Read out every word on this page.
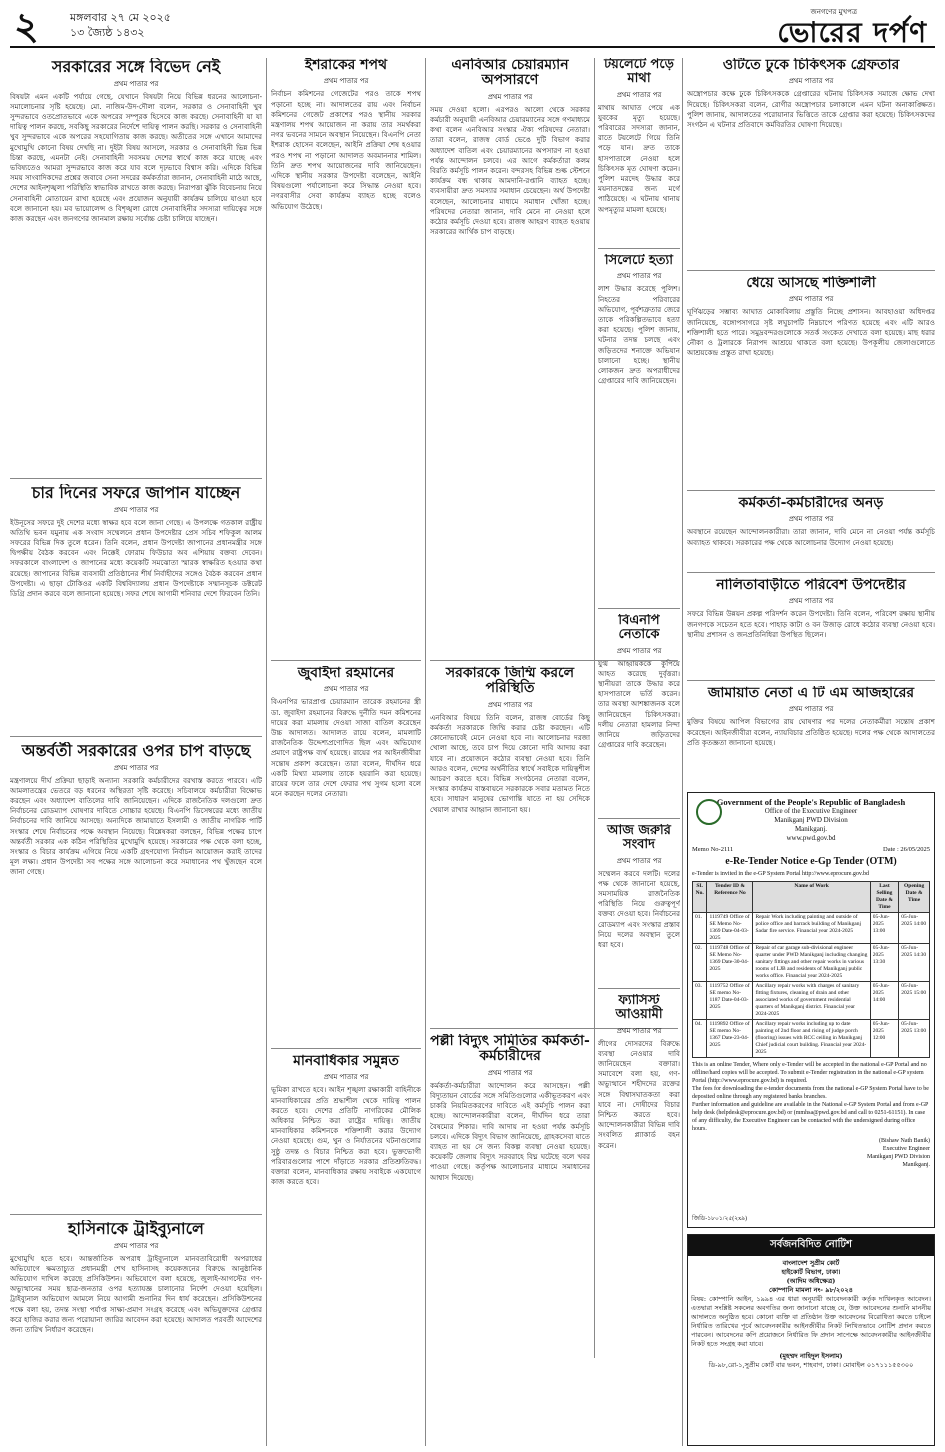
২	মঙ্গলবার ২৭ মে ২০২৫
১৩ জ্যৈষ্ঠ ১৪৩২
জনগণের মুখপত্র
ভোরের দর্পণ
সরকারের সঙ্গে বিভেদ নেই
প্রথম পাতার পর
বিষয়টা এমন একটি পর্যায়ে গেছে, যেখানে বিষয়টা নিয়ে বিভিন্ন ধরনের আলোচনা-সমালোচনার সৃষ্টি হয়েছে। মো. নাজিম-উদ-দৌলা বলেন, সরকার ও সেনাবাহিনী খুব সুন্দরভাবে ওতপ্রোতভাবে একে অপরের সম্পূরক হিসেবে কাজ করছে। সেনাবাহিনী যা যা দায়িত্ব পালন করছে, সবকিছু সরকারের নির্দেশে দায়িত্ব পালন করছি। সরকার ও সেনাবাহিনী খুব সুন্দরভাবে একে অপরের সহযোগিতায় কাজ করছে। অতীতের সঙ্গে এখানে আমাদের মুখোমুখি কোনো বিষয় দেখছি না। দুইটা বিষয় আসলে, সরকার ও সেনাবাহিনী ভিন্ন ভিন্ন চিন্তা করছে, এমনটা নেই। সেনাবাহিনী সবসময় দেশের স্বার্থে কাজ করে যাচ্ছে এবং ভবিষ্যতেও আমরা সুন্দরভাবে কাজ করে যাব বলে দৃঢ়ভাবে বিশ্বাস করি। এদিকে বিভিন্ন সময় সাংবাদিকদের প্রশ্নের জবাবে সেনা সদরের কর্মকর্তারা জানান, সেনাবাহিনী মাঠে আছে, দেশের আইনশৃঙ্খলা পরিস্থিতি স্বাভাবিক রাখতে কাজ করছে। নিরাপত্তা ঝুঁকি বিবেচনায় নিয়ে সেনাবাহিনী মোতায়েন রাখা হয়েছে এবং প্রয়োজন অনুযায়ী কার্যক্রম চালিয়ে যাওয়া হবে বলে জানানো হয়। মব ভায়োলেন্স ও বিশৃঙ্খলা রোধে সেনাবাহিনীর সদস্যরা দায়িত্বের সঙ্গে কাজ করছেন এবং জনগণের জানমাল রক্ষায় সর্বোচ্চ চেষ্টা চালিয়ে যাচ্ছেন।
চার দিনের সফরে জাপান যাচ্ছেন
প্রথম পাতার পর
ইউনূসের সফরে দুই দেশের মধ্যে স্বাক্ষর হবে বলে জানা গেছে। এ উপলক্ষে গতকাল রাষ্ট্রীয় অতিথি ভবন যমুনায় এক সংবাদ সম্মেলনে প্রধান উপদেষ্টার প্রেস সচিব শফিকুল আলম সফরের বিভিন্ন দিক তুলে ধরেন। তিনি বলেন, প্রধান উপদেষ্টা জাপানের প্রধানমন্ত্রীর সঙ্গে দ্বিপক্ষীয় বৈঠক করবেন এবং নিক্কেই ফোরাম ফিউচার অব এশিয়ায় বক্তব্য দেবেন। সফরকালে বাংলাদেশ ও জাপানের মধ্যে কয়েকটি সমঝোতা স্মারক স্বাক্ষরিত হওয়ার কথা রয়েছে। জাপানের বিভিন্ন ব্যবসায়ী প্রতিষ্ঠানের শীর্ষ নির্বাহীদের সঙ্গেও বৈঠক করবেন প্রধান উপদেষ্টা। এ ছাড়া টোকিওর একটি বিশ্ববিদ্যালয় প্রধান উপদেষ্টাকে সম্মানসূচক ডক্টরেট ডিগ্রি প্রদান করবে বলে জানানো হয়েছে। সফর শেষে আগামী শনিবার দেশে ফিরবেন তিনি।
অন্তর্বর্তী সরকারের ওপর চাপ বাড়ছে
প্রথম পাতার পর
মন্ত্রণালয়ে দীর্ঘ প্রক্রিয়া ছাড়াই অন্যান্য সরকারি কর্মচারীদের বরখাস্ত করতে পারবে। এটি আমলাতন্ত্রের ভেতরে বড় ধরনের অস্থিরতা সৃষ্টি করেছে। সচিবালয়ে কর্মচারীরা বিক্ষোভ করছেন এবং অধ্যাদেশ বাতিলের দাবি জানিয়েছেন। এদিকে রাজনৈতিক দলগুলো দ্রুত নির্বাচনের রোডম্যাপ ঘোষণার দাবিতে সোচ্চার হয়েছে। বিএনপি ডিসেম্বরের মধ্যে জাতীয় নির্বাচনের দাবি জানিয়ে আসছে। অন্যদিকে জামায়াতে ইসলামী ও জাতীয় নাগরিক পার্টি সংস্কার শেষে নির্বাচনের পক্ষে অবস্থান নিয়েছে। বিশ্লেষকরা বলছেন, বিভিন্ন পক্ষের চাপে অন্তর্বর্তী সরকার এক কঠিন পরিস্থিতির মুখোমুখি হয়েছে। সরকারের পক্ষ থেকে বলা হচ্ছে, সংস্কার ও বিচার কার্যক্রম এগিয়ে নিয়ে একটি গ্রহণযোগ্য নির্বাচন আয়োজন করাই তাদের মূল লক্ষ্য। প্রধান উপদেষ্টা সব পক্ষের সঙ্গে আলোচনা করে সমাধানের পথ খুঁজছেন বলে জানা গেছে।
হাসিনাকে ট্রাইব্যুনালে
প্রথম পাতার পর
মুখোমুখি হতে হবে। আন্তর্জাতিক অপরাধ ট্রাইব্যুনালে মানবতাবিরোধী অপরাধের অভিযোগে ক্ষমতাচ্যুত প্রধানমন্ত্রী শেখ হাসিনাসহ কয়েকজনের বিরুদ্ধে আনুষ্ঠানিক অভিযোগ দাখিল করেছে প্রসিকিউশন। অভিযোগে বলা হয়েছে, জুলাই-আগস্টের গণ-অভ্যুত্থানের সময় ছাত্র-জনতার ওপর হত্যাযজ্ঞ চালানোর নির্দেশ দেওয়া হয়েছিল। ট্রাইব্যুনাল অভিযোগ আমলে নিয়ে আগামী শুনানির দিন ধার্য করেছেন। প্রসিকিউশনের পক্ষে বলা হয়, তদন্ত সংস্থা পর্যাপ্ত সাক্ষ্য-প্রমাণ সংগ্রহ করেছে এবং অভিযুক্তদের গ্রেপ্তার করে হাজির করার জন্য পরোয়ানা জারির আবেদন করা হয়েছে। আদালত পরবর্তী আদেশের জন্য তারিখ নির্ধারণ করেছেন।
ইশরাকের শপথ
প্রথম পাতার পর
নির্বাচন কমিশনের গেজেটের পরও তাকে শপথ পড়ানো হচ্ছে না। আদালতের রায় এবং নির্বাচন কমিশনের গেজেট প্রকাশের পরও স্থানীয় সরকার মন্ত্রণালয় শপথ আয়োজন না করায় তার সমর্থকরা নগর ভবনের সামনে অবস্থান নিয়েছেন। বিএনপি নেতা ইশরাক হোসেন বলেছেন, আইনি প্রক্রিয়া শেষ হওয়ার পরও শপথ না পড়ানো আদালত অবমাননার শামিল। তিনি দ্রুত শপথ আয়োজনের দাবি জানিয়েছেন। এদিকে স্থানীয় সরকার উপদেষ্টা বলেছেন, আইনি বিষয়গুলো পর্যালোচনা করে সিদ্ধান্ত নেওয়া হবে। নগরবাসীর সেবা কার্যক্রম ব্যাহত হচ্ছে বলেও অভিযোগ উঠেছে।
জুবাইদা রহমানের
প্রথম পাতার পর
বিএনপির ভারপ্রাপ্ত চেয়ারম্যান তারেক রহমানের স্ত্রী ডা. জুবাইদা রহমানের বিরুদ্ধে দুর্নীতি দমন কমিশনের দায়ের করা মামলায় দেওয়া সাজা বাতিল করেছেন উচ্চ আদালত। আদালত রায়ে বলেন, মামলাটি রাজনৈতিক উদ্দেশ্যপ্রণোদিত ছিল এবং অভিযোগ প্রমাণে রাষ্ট্রপক্ষ ব্যর্থ হয়েছে। রায়ের পর আইনজীবীরা সন্তোষ প্রকাশ করেছেন। তারা বলেন, দীর্ঘদিন ধরে একটি মিথ্যা মামলায় তাকে হয়রানি করা হয়েছে। রায়ের ফলে তার দেশে ফেরার পথ সুগম হলো বলে মনে করছেন দলের নেতারা।
মানবাধিকার সমুন্নত
প্রথম পাতার পর
ভূমিকা রাখতে হবে। আইন শৃঙ্খলা রক্ষাকারী বাহিনীকে মানবাধিকারের প্রতি শ্রদ্ধাশীল থেকে দায়িত্ব পালন করতে হবে। দেশের প্রতিটি নাগরিকের মৌলিক অধিকার নিশ্চিত করা রাষ্ট্রের দায়িত্ব। জাতীয় মানবাধিকার কমিশনকে শক্তিশালী করার উদ্যোগ নেওয়া হয়েছে। গুম, খুন ও নির্যাতনের ঘটনাগুলোর সুষ্ঠু তদন্ত ও বিচার নিশ্চিত করা হবে। ভুক্তভোগী পরিবারগুলোর পাশে দাঁড়াতে সরকার প্রতিশ্রুতিবদ্ধ। বক্তারা বলেন, মানবাধিকার রক্ষায় সবাইকে একযোগে কাজ করতে হবে।
এনবিআর চেয়ারম্যান অপসারণে
প্রথম পাতার পর
সময় দেওয়া হলো। এরপরও আলো থেকে সরকার কর্মচারী অনুযায়ী এনবিআর চেয়ারম্যানের সঙ্গে গণমাধ্যমে কথা বলেন এনবিআর সংস্কার ঐক্য পরিষদের নেতারা। তারা বলেন, রাজস্ব বোর্ড ভেঙে দুটি বিভাগ করার অধ্যাদেশ বাতিল এবং চেয়ারম্যানের অপসারণ না হওয়া পর্যন্ত আন্দোলন চলবে। এর আগে কর্মকর্তারা কলম বিরতি কর্মসূচি পালন করেন। বন্দরসহ বিভিন্ন শুল্ক স্টেশনে কার্যক্রম বন্ধ থাকায় আমদানি-রপ্তানি ব্যাহত হচ্ছে। ব্যবসায়ীরা দ্রুত সমস্যার সমাধান চেয়েছেন। অর্থ উপদেষ্টা বলেছেন, আলোচনার মাধ্যমে সমাধান খোঁজা হচ্ছে। পরিষদের নেতারা জানান, দাবি মেনে না নেওয়া হলে কঠোর কর্মসূচি দেওয়া হবে। রাজস্ব আহরণ ব্যাহত হওয়ায় সরকারের আর্থিক চাপ বাড়ছে।
সরকারকে জিম্মি করলে পরিস্থিতি
প্রথম পাতার পর
এনবিআর বিষয়ে তিনি বলেন, রাজস্ব বোর্ডের কিছু কর্মকর্তা সরকারকে জিম্মি করার চেষ্টা করছেন। এটি কোনোভাবেই মেনে নেওয়া হবে না। আলোচনার দরজা খোলা আছে, তবে চাপ দিয়ে কোনো দাবি আদায় করা যাবে না। প্রয়োজনে কঠোর ব্যবস্থা নেওয়া হবে। তিনি আরও বলেন, দেশের অর্থনীতির স্বার্থে সবাইকে দায়িত্বশীল আচরণ করতে হবে। বিভিন্ন সংগঠনের নেতারা বলেন, সংস্কার কার্যক্রম বাস্তবায়নে সরকারকে সবার মতামত নিতে হবে। সাধারণ মানুষের ভোগান্তি যাতে না হয় সেদিকে খেয়াল রাখার আহ্বান জানানো হয়।
পল্লী বিদ্যুৎ সমিতির কর্মকর্তা-কর্মচারীদের
প্রথম পাতার পর
কর্মকর্তা-কর্মচারীরা আন্দোলন করে আসছেন। পল্লী বিদ্যুতায়ন বোর্ডের সঙ্গে সমিতিগুলোর একীভূতকরণ এবং চাকরি নিয়মিতকরণের দাবিতে এই কর্মসূচি পালন করা হচ্ছে। আন্দোলনকারীরা বলেন, দীর্ঘদিন ধরে তারা বৈষম্যের শিকার। দাবি আদায় না হওয়া পর্যন্ত কর্মসূচি চলবে। এদিকে বিদ্যুৎ বিভাগ জানিয়েছে, গ্রাহকসেবা যাতে ব্যাহত না হয় সে জন্য বিকল্প ব্যবস্থা নেওয়া হয়েছে। কয়েকটি জেলায় বিদ্যুৎ সরবরাহে বিঘ্ন ঘটেছে বলে খবর পাওয়া গেছে। কর্তৃপক্ষ আলোচনার মাধ্যমে সমাধানের আশ্বাস দিয়েছে।
ওটিতে ঢুকে চিকিৎসক গ্রেফতার
প্রথম পাতার পর
অস্ত্রোপচার কক্ষে ঢুকে চিকিৎসককে গ্রেপ্তারের ঘটনায় চিকিৎসক সমাজে ক্ষোভ দেখা দিয়েছে। চিকিৎসকরা বলেন, রোগীর অস্ত্রোপচার চলাকালে এমন ঘটনা অনাকাঙ্ক্ষিত। পুলিশ জানায়, আদালতের পরোয়ানার ভিত্তিতে তাকে গ্রেপ্তার করা হয়েছে। চিকিৎসকদের সংগঠন এ ঘটনার প্রতিবাদে কর্মবিরতির ঘোষণা দিয়েছে।
ধেয়ে আসছে শক্তিশালী
প্রথম পাতার পর
ঘূর্ণিঝড়ের সম্ভাব্য আঘাত মোকাবিলায় প্রস্তুতি নিচ্ছে প্রশাসন। আবহাওয়া অধিদপ্তর জানিয়েছে, বঙ্গোপসাগরে সৃষ্ট লঘুচাপটি নিম্নচাপে পরিণত হয়েছে এবং এটি আরও শক্তিশালী হতে পারে। সমুদ্রবন্দরগুলোকে সতর্ক সংকেত দেখাতে বলা হয়েছে। মাছ ধরার নৌকা ও ট্রলারকে নিরাপদ আশ্রয়ে থাকতে বলা হয়েছে। উপকূলীয় জেলাগুলোতে আশ্রয়কেন্দ্র প্রস্তুত রাখা হয়েছে।
কর্মকর্তা-কর্মচারীদের অনড়
প্রথম পাতার পর
অবস্থানে রয়েছেন আন্দোলনকারীরা। তারা জানান, দাবি মেনে না নেওয়া পর্যন্ত কর্মসূচি অব্যাহত থাকবে। সরকারের পক্ষ থেকে আলোচনার উদ্যোগ নেওয়া হয়েছে।
নালিতাবাড়ীতে পরিবেশ উপদেষ্টার
প্রথম পাতার পর
সফরে বিভিন্ন উন্নয়ন প্রকল্প পরিদর্শন করেন উপদেষ্টা। তিনি বলেন, পরিবেশ রক্ষায় স্থানীয় জনগণকে সচেতন হতে হবে। পাহাড় কাটা ও বন উজাড় রোধে কঠোর ব্যবস্থা নেওয়া হবে। স্থানীয় প্রশাসন ও জনপ্রতিনিধিরা উপস্থিত ছিলেন।
জামায়াত নেতা এ টি এম আজহারের
প্রথম পাতার পর
মুক্তির বিষয়ে আপিল বিভাগের রায় ঘোষণার পর দলের নেতাকর্মীরা সন্তোষ প্রকাশ করেছেন। আইনজীবীরা বলেন, ন্যায়বিচার প্রতিষ্ঠিত হয়েছে। দলের পক্ষ থেকে আদালতের প্রতি কৃতজ্ঞতা জানানো হয়েছে।
Government of the People's Republic of Bangladesh
Office of the Executive Engineer
Manikganj PWD Division
Manikganj.
www.pwd.gov.bd
Memo No-2111	Date : 26/05/2025
e-Re-Tender Notice e-Gp Tender (OTM)
e-Tender is invited in the e-GP System Portal http://www.eprocure.gov.bd
SL No.	Tender ID & Reference No	Name of Work	Last Selling Date & Time	Opening Date & Time
01.	1119749 Office of SE Memo No-1369 Date-04-03-2025	Repair Work including painting and outside of police office and barrack building of Manikganj Sadar fire service. Financial year 2024-2025	05-Jun-2025 13:00	05-Jun-2025 14:00
02.	1119748 Office of SE Memo No-1369 Date-30-04-2025	Repair of car garage sub-divisional engineer quarter under PWD Manikganj including changing sanitary fittings and other repair works in various rooms of LJB and residents of Manikganj public works office. Financial year 2024-2025	05-Jun-2025 13:30	05-Jun-2025 14:30
03.	1119752 Office of SE memo No-1187 Date-04-03-2025	Ancillary repair works with charges of sanitary fitting fixtures, cleaning of drain and other associated works of government residential quarters of Manikganj district. Financial year 2024-2025	05-Jun-2025 14:00	05-Jun-2025 15:00
04.	1119892 Office of SE memo No-1367 Date-23-04-2025	Ancillary repair works including up to date painting of 2nd floor and rising of judge porch (flooring) issues with RCC ceiling in Manikganj Chief judicial court building. Financial year 2024-2025	05-Jun-2025 12:00	05-Jun-2025 13:00
This is an online Tender, Where only e-Tender will be accepted in the national e-GP Portal and no offline/hard copies will be accepted. To submit e-Tender registration in the national e-GP system Portal (http://www.eprocure.gov.bd) is required.
The fees for downloading the e-tender documents from the national e-GP System Portal have to be deposited online through any registered banks branches.
Further information and guideline are available in the National e-GP System Portal and from e-GP help desk (helpdesk@eprocure.gov.bd) or (mmhsa@pwd.gov.bd and call to 0251-61151). In case of any difficulty, the Executive Engineer can be contacted with the undersigned during office hours.
(Bishaw Nath Banik)
Executive Engineer
Manikganj PWD Division
Manikganj.
জিডি-১৮০১/২৫(২x৯)
সর্বজনবিদিত নোটিশ
বাংলাদেশ সুপ্রীম কোর্ট
হাইকোর্ট বিভাগ, ঢাকা।
(আদিম অধিক্ষেত্র)
কোম্পানি মামলা নং- ৯৮/২০২৪
বিষয়: কোম্পানি আইন, ১৯৯৪ এর ধারা অনুযায়ী আবেদনকারী কর্তৃক দাখিলকৃত আবেদন। এতদ্বারা সংশ্লিষ্ট সকলের অবগতির জন্য জানানো যাচ্ছে যে, উক্ত আবেদনের শুনানি মাননীয় আদালতে অনুষ্ঠিত হবে। কোনো ব্যক্তি বা প্রতিষ্ঠান উক্ত আবেদনের বিরোধিতা করতে চাইলে নির্ধারিত তারিখের পূর্বে আবেদনকারীর আইনজীবীর নিকট লিখিতভাবে নোটিশ প্রদান করতে পারবেন। আবেদনের কপি প্রয়োজনে নির্ধারিত ফি প্রদান সাপেক্ষে আবেদনকারীর আইনজীবীর নিকট হতে সংগ্রহ করা যাবে।
(মুহম্মদ নাহিদুল ইসলাম)
ডি-৯৮,রো-১,সুপ্রীম কোর্ট বার ভবন, শাহবাগ, ঢাকা। মোবাইল ০১৭১১১৫৫৩০০
টয়লেটে পড়ে মাথা
প্রথম পাতার পর
মাথায় আঘাত পেয়ে এক যুবকের মৃত্যু হয়েছে। পরিবারের সদস্যরা জানান, রাতে টয়লেটে গিয়ে তিনি পড়ে যান। দ্রুত তাকে হাসপাতালে নেওয়া হলে চিকিৎসক মৃত ঘোষণা করেন। পুলিশ মরদেহ উদ্ধার করে ময়নাতদন্তের জন্য মর্গে পাঠিয়েছে। এ ঘটনায় থানায় অপমৃত্যুর মামলা হয়েছে।
সিলেটে হত্যা
প্রথম পাতার পর
লাশ উদ্ধার করেছে পুলিশ। নিহতের পরিবারের অভিযোগ, পূর্বশত্রুতার জেরে তাকে পরিকল্পিতভাবে হত্যা করা হয়েছে। পুলিশ জানায়, ঘটনার তদন্ত চলছে এবং জড়িতদের শনাক্তে অভিযান চালানো হচ্ছে। স্থানীয় লোকজন দ্রুত অপরাধীদের গ্রেপ্তারের দাবি জানিয়েছেন।
বিএনপি নেতাকে
প্রথম পাতার পর
যুগ্ম আহ্বায়ককে কুপিয়ে আহত করেছে দুর্বৃত্তরা। স্থানীয়রা তাকে উদ্ধার করে হাসপাতালে ভর্তি করেন। তার অবস্থা আশঙ্কাজনক বলে জানিয়েছেন চিকিৎসকরা। দলীয় নেতারা হামলার নিন্দা জানিয়ে জড়িতদের গ্রেপ্তারের দাবি করেছেন।
আজ জরুরি সংবাদ
প্রথম পাতার পর
সম্মেলন করবে দলটি। দলের পক্ষ থেকে জানানো হয়েছে, সমসাময়িক রাজনৈতিক পরিস্থিতি নিয়ে গুরুত্বপূর্ণ বক্তব্য দেওয়া হবে। নির্বাচনের রোডম্যাপ এবং সংস্কার প্রস্তাব নিয়ে দলের অবস্থান তুলে ধরা হবে।
ফ্যাসিস্ট আওয়ামী
প্রথম পাতার পর
লীগের দোসরদের বিরুদ্ধে ব্যবস্থা নেওয়ার দাবি জানিয়েছেন বক্তারা। সমাবেশে বলা হয়, গণ-অভ্যুত্থানে শহীদদের রক্তের সঙ্গে বিশ্বাসঘাতকতা করা যাবে না। দোষীদের বিচার নিশ্চিত করতে হবে। আন্দোলনকারীরা বিভিন্ন দাবি সংবলিত প্ল্যাকার্ড বহন করেন।
